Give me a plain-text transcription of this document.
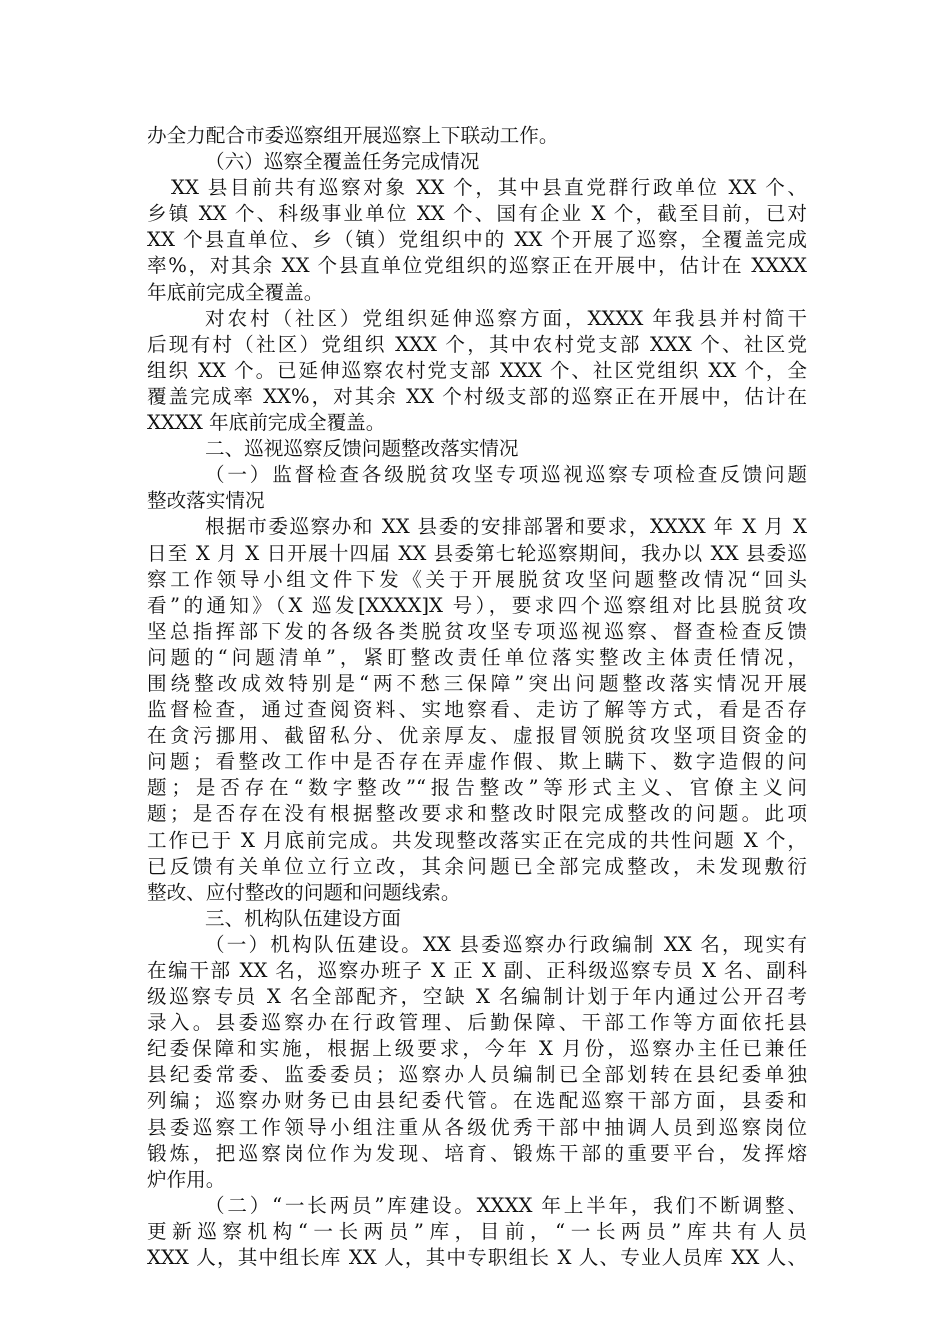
办全力配合市委巡察组开展巡察上下联动工作。
（六）巡察全覆盖任务完成情况
XX 县目前共有巡察对象 XX 个，其中县直党群行政单位 XX 个、
乡镇 XX 个、科级事业单位 XX 个、国有企业 X 个，截至目前，已对
XX 个县直单位、乡（镇）党组织中的 XX 个开展了巡察，全覆盖完成
率%，对其余 XX 个县直单位党组织的巡察正在开展中，估计在 XXXX
年底前完成全覆盖。
对农村（社区）党组织延伸巡察方面，XXXX 年我县并村简干
后现有村（社区）党组织 XXX 个，其中农村党支部 XXX 个、社区党
组织 XX 个。已延伸巡察农村党支部 XXX 个、社区党组织 XX 个，全
覆盖完成率 XX%，对其余 XX 个村级支部的巡察正在开展中，估计在
XXXX 年底前完成全覆盖。
二、巡视巡察反馈问题整改落实情况
（一）监督检查各级脱贫攻坚专项巡视巡察专项检查反馈问题
整改落实情况
根据市委巡察办和 XX 县委的安排部署和要求，XXXX 年 X 月 X
日至 X 月 X 日开展十四届 XX 县委第七轮巡察期间，我办以 XX 县委巡
察工作领导小组文件下发《关于开展脱贫攻坚问题整改情况“回头
看”的通知》（X 巡发[XXXX]X 号），要求四个巡察组对比县脱贫攻
坚总指挥部下发的各级各类脱贫攻坚专项巡视巡察、督查检查反馈
问题的“问题清单”，紧盯整改责任单位落实整改主体责任情况，
围绕整改成效特别是“两不愁三保障”突出问题整改落实情况开展
监督检查，通过查阅资料、实地察看、走访了解等方式，看是否存
在贪污挪用、截留私分、优亲厚友、虚报冒领脱贫攻坚项目资金的
问题；看整改工作中是否存在弄虚作假、欺上瞒下、数字造假的问
题；是否存在“数字整改”“报告整改”等形式主义、官僚主义问
题；是否存在没有根据整改要求和整改时限完成整改的问题。此项
工作已于 X 月底前完成。共发现整改落实正在完成的共性问题 X 个，
已反馈有关单位立行立改，其余问题已全部完成整改，未发现敷衍
整改、应付整改的问题和问题线索。
三、机构队伍建设方面
（一）机构队伍建设。XX 县委巡察办行政编制 XX 名，现实有
在编干部 XX 名，巡察办班子 X 正 X 副、正科级巡察专员 X 名、副科
级巡察专员 X 名全部配齐，空缺 X 名编制计划于年内通过公开召考
录入。县委巡察办在行政管理、后勤保障、干部工作等方面依托县
纪委保障和实施，根据上级要求，今年 X 月份，巡察办主任已兼任
县纪委常委、监委委员；巡察办人员编制已全部划转在县纪委单独
列编；巡察办财务已由县纪委代管。在选配巡察干部方面，县委和
县委巡察工作领导小组注重从各级优秀干部中抽调人员到巡察岗位
锻炼，把巡察岗位作为发现、培育、锻炼干部的重要平台，发挥熔
炉作用。
（二）“一长两员”库建设。XXXX 年上半年，我们不断调整、
更新巡察机构“一长两员”库，目前，“一长两员”库共有人员
XXX 人，其中组长库 XX 人，其中专职组长 X 人、专业人员库 XX 人、
